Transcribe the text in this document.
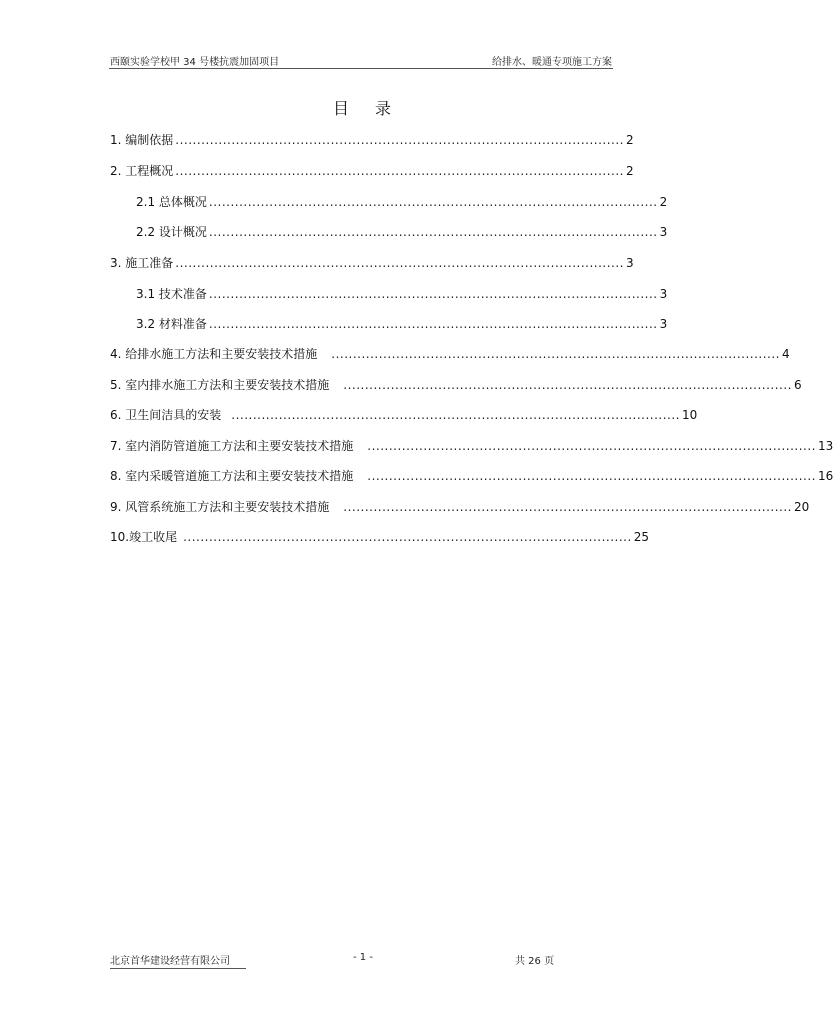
西颐实验学校甲 34 号楼抗震加固项目	给排水、暖通专项施工方案
目 录
1. 编制依据 ........................................................................................................ 2
2. 工程概况 ........................................................................................................ 2
2.1 总体概况 ........................................................................................................ 2
2.2 设计概况 ........................................................................................................ 3
3. 施工准备 ........................................................................................................ 3
3.1 技术准备 ........................................................................................................ 3
3.2 材料准备 ........................................................................................................ 3
4. 给排水施工方法和主要安装技术措施 ........................................................................................................ 4
5. 室内排水施工方法和主要安装技术措施 ........................................................................................................ 6
6. 卫生间洁具的安装 ........................................................................................................ 10
7. 室内消防管道施工方法和主要安装技术措施 ........................................................................................................ 13
8. 室内采暖管道施工方法和主要安装技术措施 ........................................................................................................ 16
9. 风管系统施工方法和主要安装技术措施 ........................................................................................................ 20
10.竣工收尾 ........................................................................................................ 25
北京首华建设经营有限公司	- 1 -	共 26 页
